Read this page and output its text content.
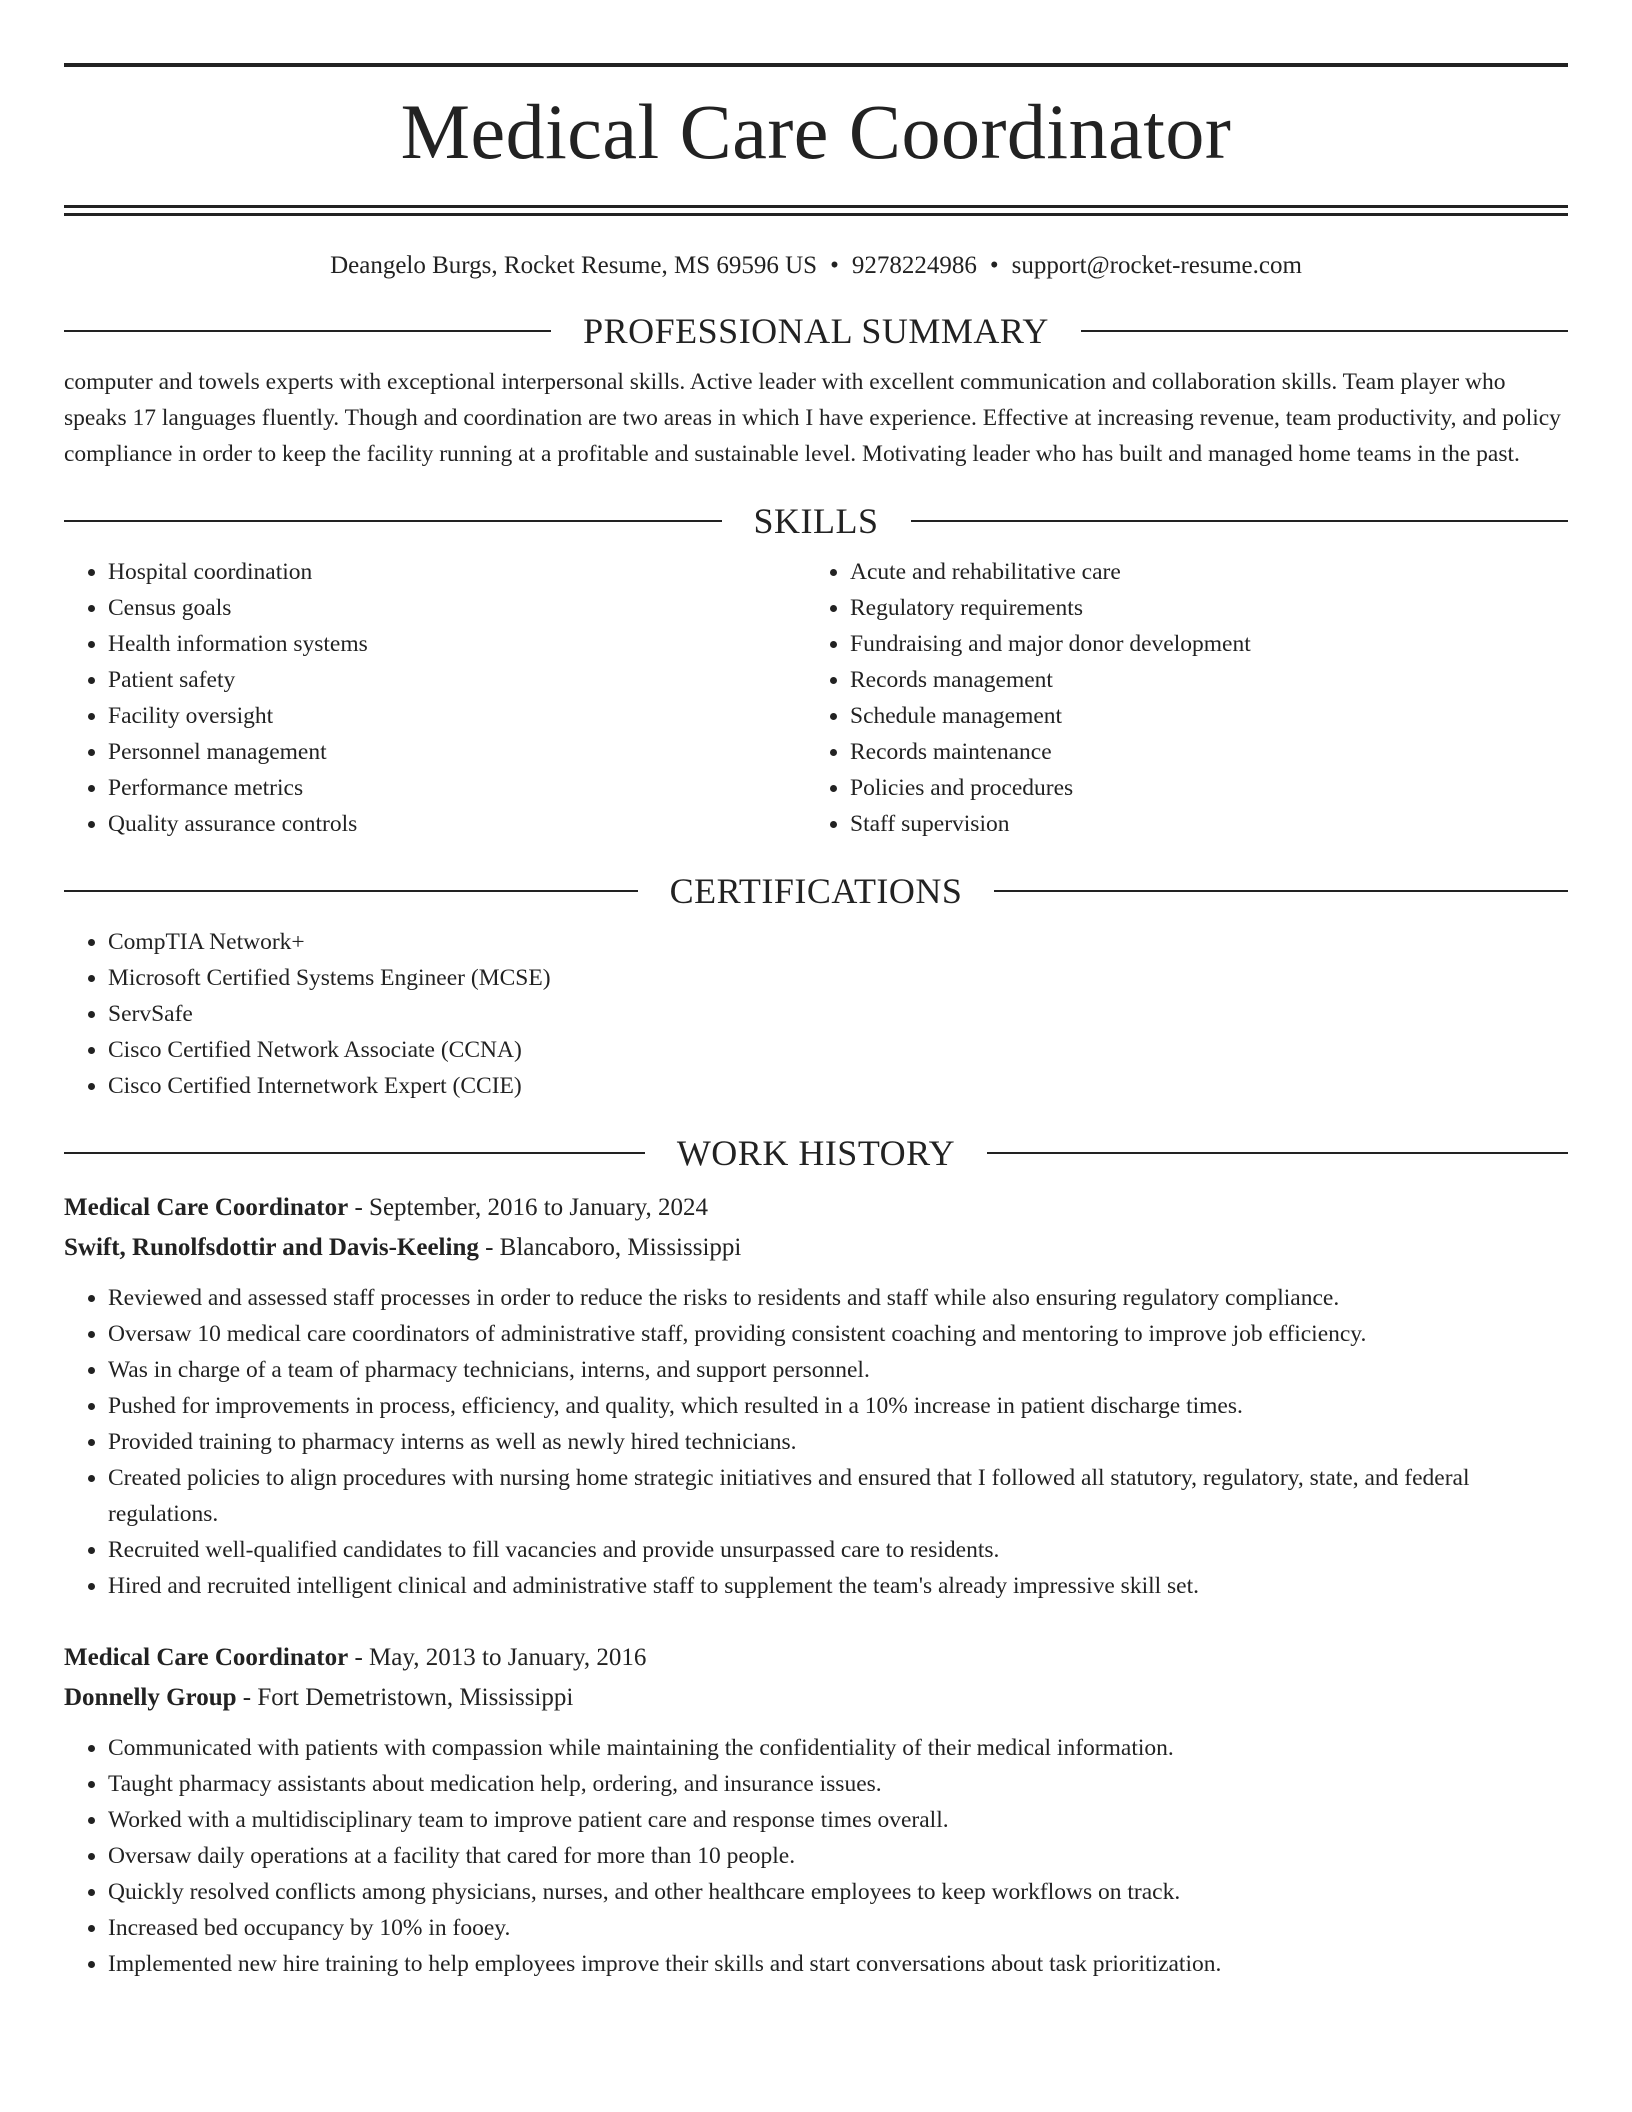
Medical Care Coordinator
Deangelo Burgs, Rocket Resume, MS 69596 US • 9278224986 • support@rocket-resume.com
PROFESSIONAL SUMMARY
computer and towels experts with exceptional interpersonal skills. Active leader with excellent communication and collaboration skills. Team player who speaks 17 languages fluently. Though and coordination are two areas in which I have experience. Effective at increasing revenue, team productivity, and policy compliance in order to keep the facility running at a profitable and sustainable level. Motivating leader who has built and managed home teams in the past.
SKILLS
• Hospital coordination
• Census goals
• Health information systems
• Patient safety
• Facility oversight
• Personnel management
• Performance metrics
• Quality assurance controls
• Acute and rehabilitative care
• Regulatory requirements
• Fundraising and major donor development
• Records management
• Schedule management
• Records maintenance
• Policies and procedures
• Staff supervision
CERTIFICATIONS
• CompTIA Network+
• Microsoft Certified Systems Engineer (MCSE)
• ServSafe
• Cisco Certified Network Associate (CCNA)
• Cisco Certified Internetwork Expert (CCIE)
WORK HISTORY
Medical Care Coordinator - September, 2016 to January, 2024
Swift, Runolfsdottir and Davis-Keeling - Blancaboro, Mississippi
• Reviewed and assessed staff processes in order to reduce the risks to residents and staff while also ensuring regulatory compliance.
• Oversaw 10 medical care coordinators of administrative staff, providing consistent coaching and mentoring to improve job efficiency.
• Was in charge of a team of pharmacy technicians, interns, and support personnel.
• Pushed for improvements in process, efficiency, and quality, which resulted in a 10% increase in patient discharge times.
• Provided training to pharmacy interns as well as newly hired technicians.
• Created policies to align procedures with nursing home strategic initiatives and ensured that I followed all statutory, regulatory, state, and federal regulations.
• Recruited well-qualified candidates to fill vacancies and provide unsurpassed care to residents.
• Hired and recruited intelligent clinical and administrative staff to supplement the team's already impressive skill set.
Medical Care Coordinator - May, 2013 to January, 2016
Donnelly Group - Fort Demetristown, Mississippi
• Communicated with patients with compassion while maintaining the confidentiality of their medical information.
• Taught pharmacy assistants about medication help, ordering, and insurance issues.
• Worked with a multidisciplinary team to improve patient care and response times overall.
• Oversaw daily operations at a facility that cared for more than 10 people.
• Quickly resolved conflicts among physicians, nurses, and other healthcare employees to keep workflows on track.
• Increased bed occupancy by 10% in fooey.
• Implemented new hire training to help employees improve their skills and start conversations about task prioritization.
